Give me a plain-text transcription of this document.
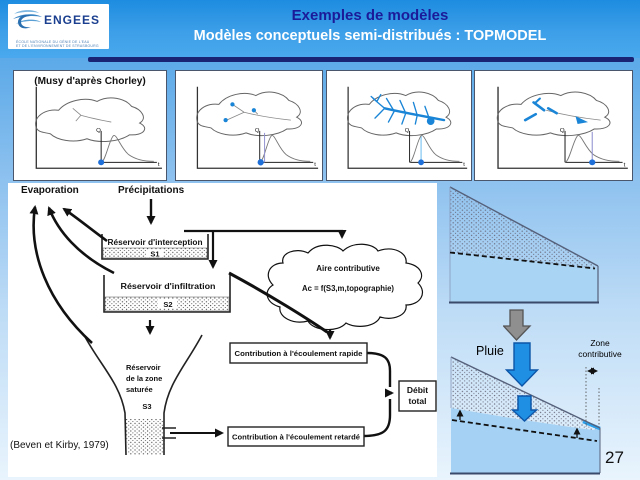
Exemples de modèles
Modèles conceptuels semi-distribués : TOPMODEL
ENGEES
ÉCOLE NATIONALE DU GÉNIE DE L'EAU
ET DE L'ENVIRONNEMENT DE STRASBOURG
(Musy d'après Chorley)
Q
t
Q
t
Q
t
Q
t
Aire contributive
Ac = f(S3,m,topographie)
Réservoir d'interception
S1
Réservoir d'infiltration
S2
Réservoir
de la zone
saturée
S3
Evaporation	Précipitations
Contribution à l'écoulement rapide
Contribution à l'écoulement retardé
Débit
total
(Beven et Kirby, 1979)
Pluie
Zone
contributive
27
